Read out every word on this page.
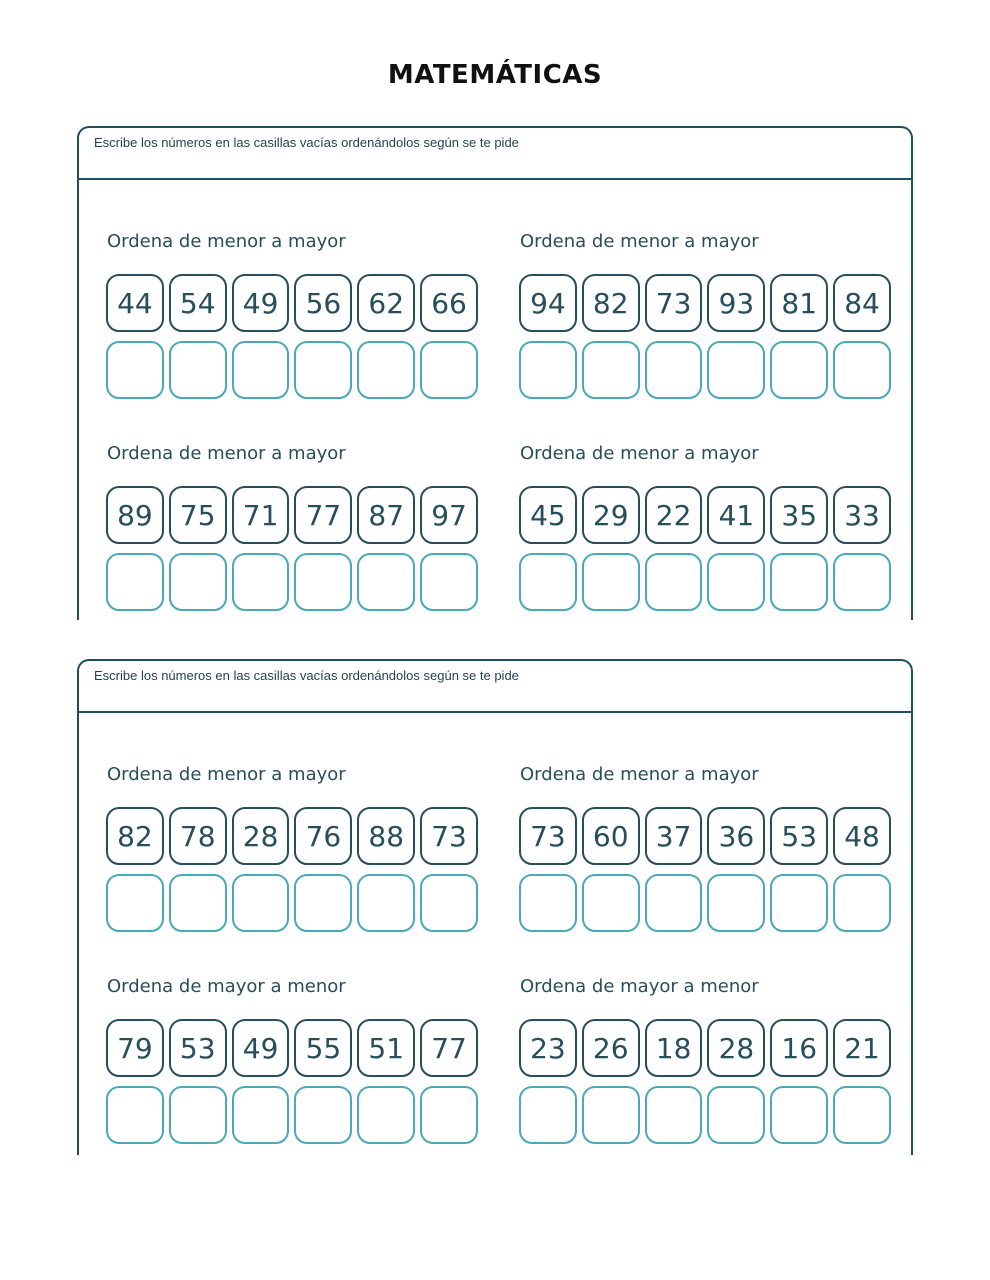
MATEMÁTICAS
Escribe los números en las casillas vacías ordenándolos según se te pide
Ordena de menor a mayor
44 54 49 56 62 66
Ordena de menor a mayor
94 82 73 93 81 84
Ordena de menor a mayor
89 75 71 77 87 97
Ordena de menor a mayor
45 29 22 41 35 33
Escribe los números en las casillas vacías ordenándolos según se te pide
Ordena de menor a mayor
82 78 28 76 88 73
Ordena de menor a mayor
73 60 37 36 53 48
Ordena de mayor a menor
79 53 49 55 51 77
Ordena de mayor a menor
23 26 18 28 16 21
